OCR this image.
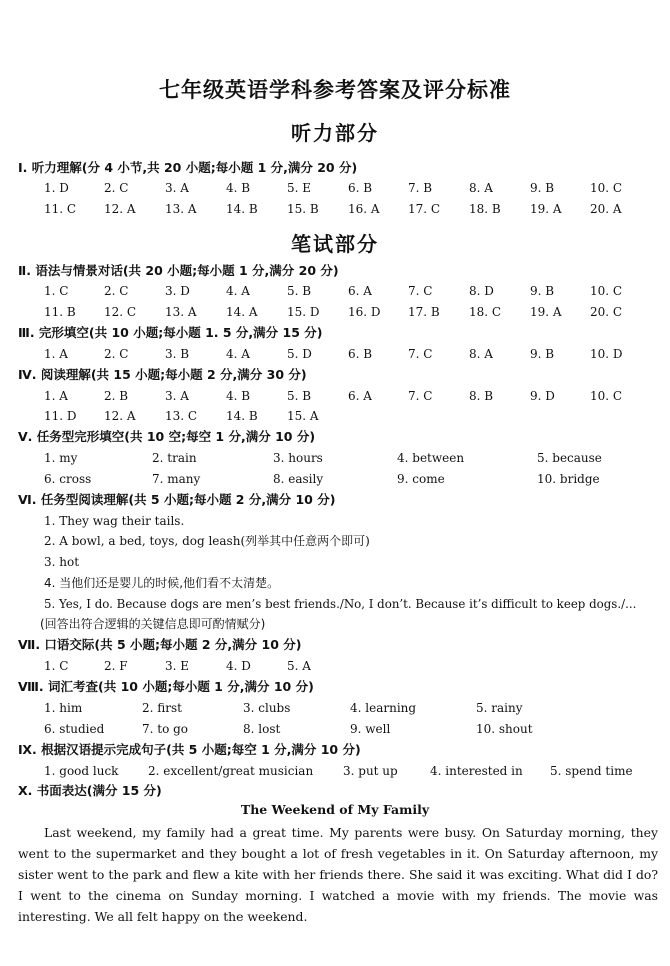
七年级英语学科参考答案及评分标准
听力部分
Ⅰ. 听力理解(分 4 小节,共 20 小题;每小题 1 分,满分 20 分)
1. D	2. C	3. A	4. B	5. E	6. B	7. B	8. A	9. B	10. C
11. C 12. A 13. A 14. B 15. B 16. A 17. C 18. B 19. A 20. A
笔试部分
Ⅱ. 语法与情景对话(共 20 小题;每小题 1 分,满分 20 分)
1. C	2. C	3. D	4. A	5. B	6. A	7. C	8. D	9. B	10. C
11. B 12. C 13. A 14. A 15. D 16. D 17. B 18. C 19. A 20. C
Ⅲ. 完形填空(共 10 小题;每小题 1. 5 分,满分 15 分)
1. A	2. C	3. B	4. A	5. D	6. B	7. C	8. A	9. B	10. D
Ⅳ. 阅读理解(共 15 小题;每小题 2 分,满分 30 分)
1. A	2. B	3. A	4. B	5. B	6. A	7. C	8. B	9. D	10. C
11. D 12. A 13. C 14. B 15. A
Ⅴ. 任务型完形填空(共 10 空;每空 1 分,满分 10 分)
1. my	2. train	3. hours	4. between	5. because
6. cross	7. many	8. easily	9. come	10. bridge
Ⅵ. 任务型阅读理解(共 5 小题;每小题 2 分,满分 10 分)
1. They wag their tails.
2. A bowl, a bed, toys, dog leash(列举其中任意两个即可)
3. hot
4. 当他们还是婴儿的时候,他们看不太清楚。
5. Yes, I do. Because dogs are men’s best friends./No, I don’t. Because it’s difficult to keep dogs./...
(回答出符合逻辑的关键信息即可酌情赋分)
Ⅶ. 口语交际(共 5 小题;每小题 2 分,满分 10 分)
1. C	2. F	3. E	4. D	5. A
Ⅷ. 词汇考查(共 10 小题;每小题 1 分,满分 10 分)
1. him	2. first	3. clubs	4. learning	5. rainy
6. studied	7. to go	8. lost	9. well	10. shout
Ⅸ. 根据汉语提示完成句子(共 5 小题;每空 1 分,满分 10 分)
1. good luck 2. excellent/great musician 3. put up	4. interested in 5. spend time
Ⅹ. 书面表达(满分 15 分)
The Weekend of My Family
Last weekend, my family had a great time. My parents were busy. On Saturday morning, they went to the supermarket and they bought a lot of fresh vegetables in it. On Saturday afternoon, my sister went to the park and flew a kite with her friends there. She said it was exciting. What did I do? I went to the cinema on Sunday morning. I watched a movie with my friends. The movie was interesting. We all felt happy on the weekend.
